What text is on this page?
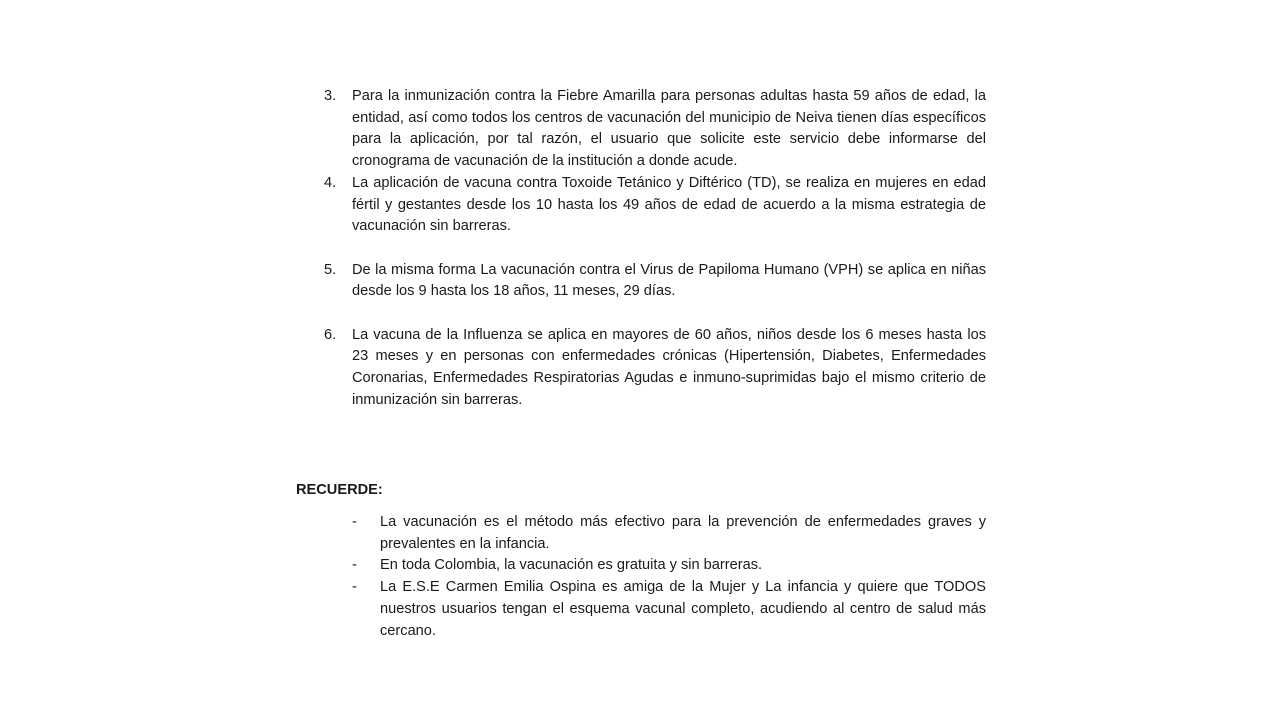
3.	Para la inmunización contra la Fiebre Amarilla para personas adultas hasta 59 años de edad, la entidad, así como todos los centros de vacunación del municipio de Neiva tienen días específicos para la aplicación, por tal razón, el usuario que solicite este servicio debe informarse del cronograma de vacunación de la institución a donde acude.
4.	La aplicación de vacuna contra Toxoide Tetánico y Diftérico (TD), se realiza en mujeres en edad fértil y gestantes desde los 10 hasta los 49 años de edad de acuerdo a la misma estrategia de vacunación sin barreras.
5.	De la misma forma La vacunación contra el Virus de Papiloma Humano (VPH) se aplica en niñas desde los 9 hasta los 18 años, 11 meses, 29 días.
6.	La vacuna de la Influenza se aplica en mayores de 60 años, niños desde los 6 meses hasta los 23 meses y en personas con enfermedades crónicas (Hipertensión, Diabetes, Enfermedades Coronarias, Enfermedades Respiratorias Agudas e inmuno-suprimidas bajo el mismo criterio de inmunización sin barreras.

RECUERDE:

-	La vacunación es el método más efectivo para la prevención de enfermedades graves y prevalentes en la infancia.
-	En toda Colombia, la vacunación es gratuita y sin barreras.
-	La E.S.E Carmen Emilia Ospina es amiga de la Mujer y La infancia y quiere que TODOS nuestros usuarios tengan el esquema vacunal completo, acudiendo al centro de salud más cercano.
